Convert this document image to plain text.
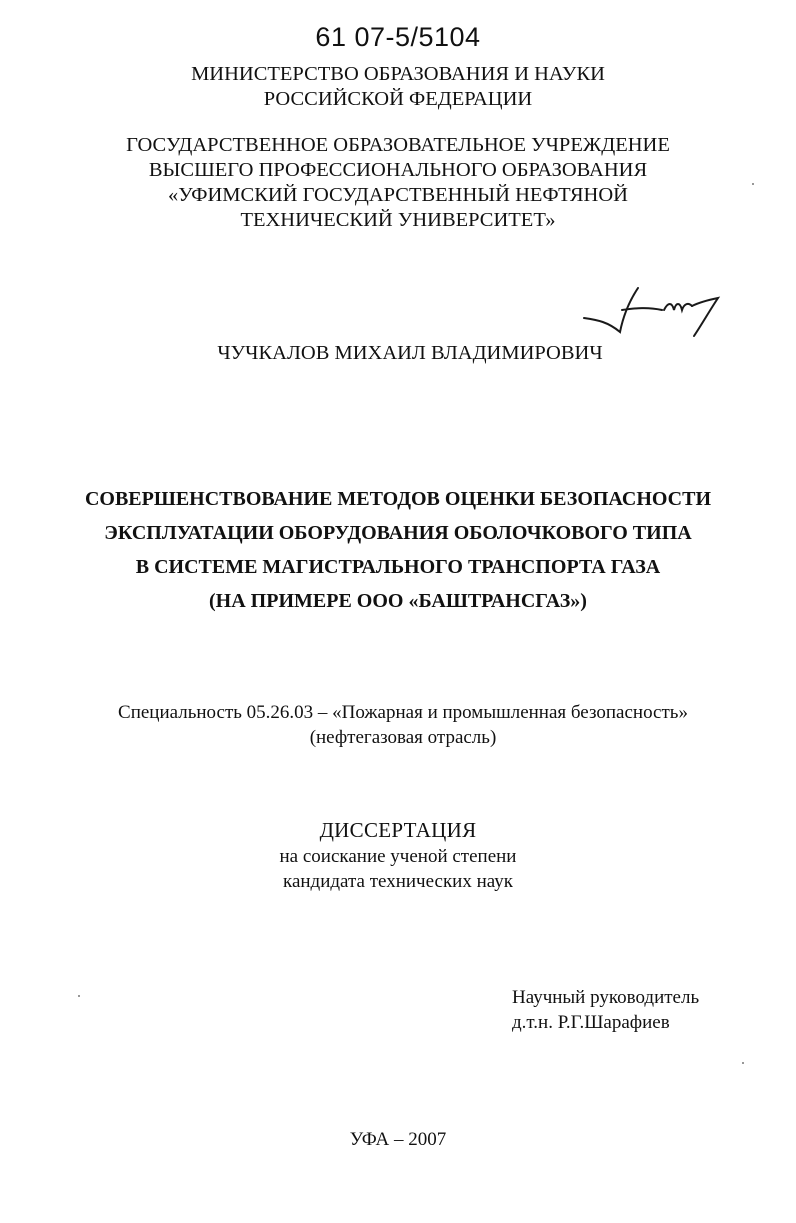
61 07-5/5104
МИНИСТЕРСТВО ОБРАЗОВАНИЯ И НАУКИ
РОССИЙСКОЙ ФЕДЕРАЦИИ
ГОСУДАРСТВЕННОЕ ОБРАЗОВАТЕЛЬНОЕ УЧРЕЖДЕНИЕ
ВЫСШЕГО ПРОФЕССИОНАЛЬНОГО ОБРАЗОВАНИЯ
«УФИМСКИЙ ГОСУДАРСТВЕННЫЙ НЕФТЯНОЙ
ТЕХНИЧЕСКИЙ УНИВЕРСИТЕТ»
ЧУЧКАЛОВ МИХАИЛ ВЛАДИМИРОВИЧ
СОВЕРШЕНСТВОВАНИЕ МЕТОДОВ ОЦЕНКИ БЕЗОПАСНОСТИ
ЭКСПЛУАТАЦИИ ОБОРУДОВАНИЯ ОБОЛОЧКОВОГО ТИПА
В СИСТЕМЕ МАГИСТРАЛЬНОГО ТРАНСПОРТА ГАЗА
(НА ПРИМЕРЕ ООО «БАШТРАНСГАЗ»)
Специальность 05.26.03 – «Пожарная и промышленная безопасность»
(нефтегазовая отрасль)
ДИССЕРТАЦИЯ
на соискание ученой степени
кандидата технических наук
Научный руководитель
д.т.н. Р.Г.Шарафиев
УФА – 2007
